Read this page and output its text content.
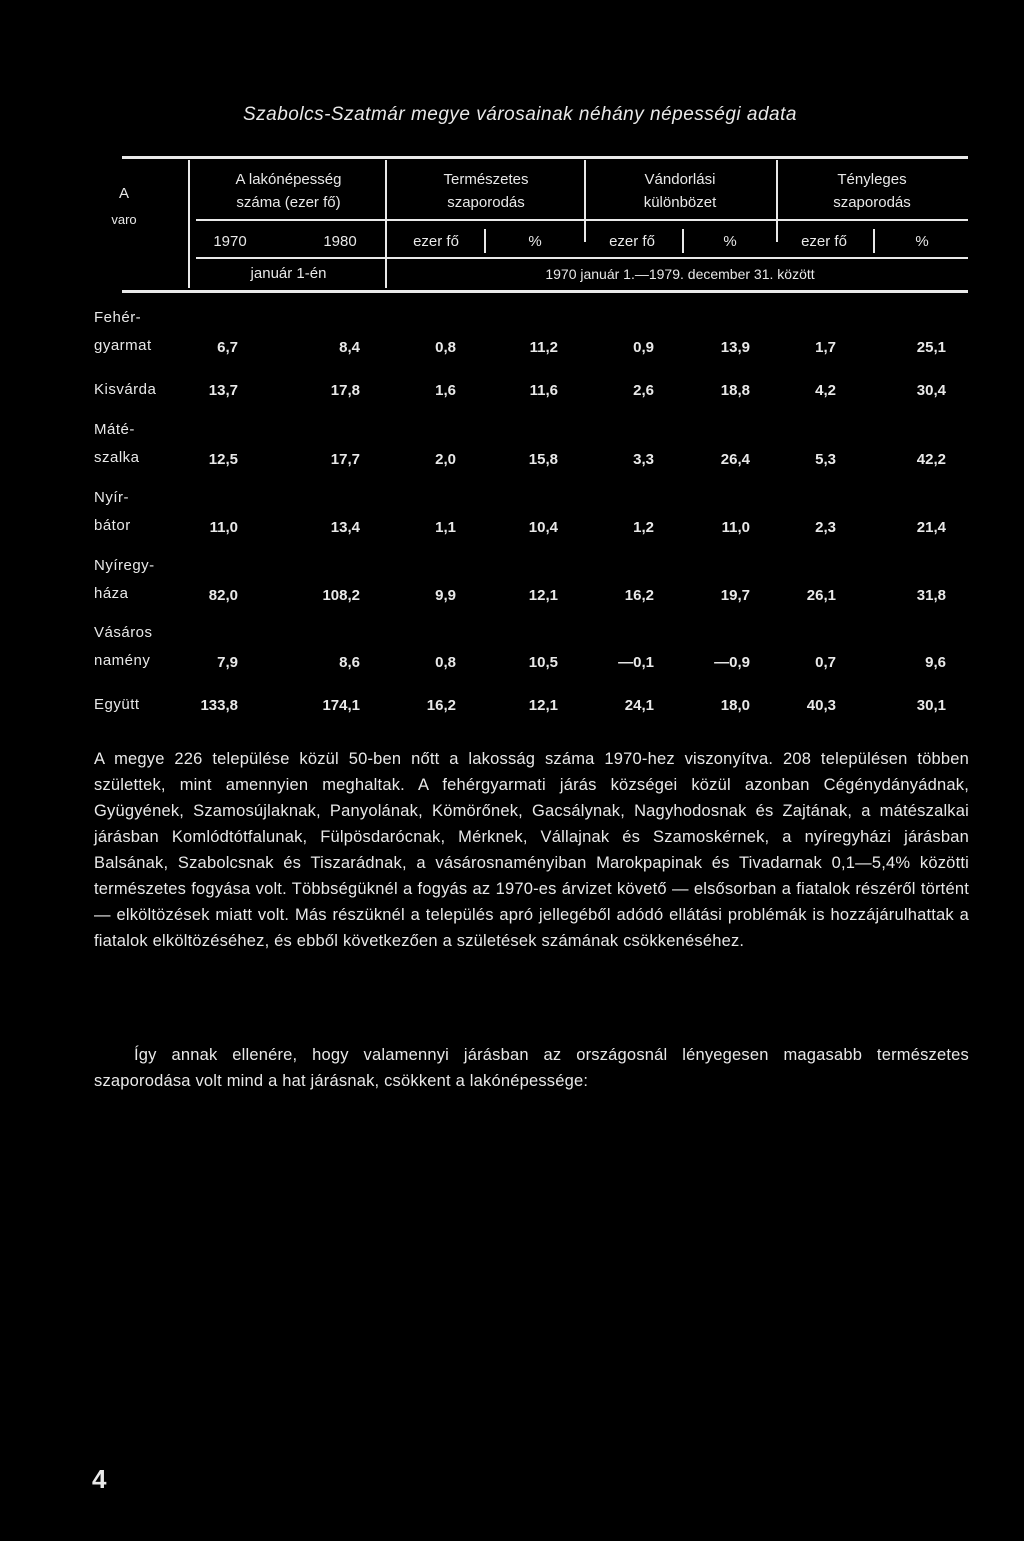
Szabolcs-Szatmár megye városainak néhány népességi adata
A
varo
A lakónépesség
száma (ezer fő)
Természetes
szaporodás
Vándorlási
különbözet
Tényleges
szaporodás
1970	1980	ezer fő	%	ezer fő	%	ezer fő	%
január 1-én	1970 január 1.—1979. december 31. között
Fehér-
gyarmat	6,7	8,4	0,8	11,2	0,9	13,9	1,7	25,1
Kisvárda	13,7	17,8	1,6	11,6	2,6	18,8	4,2	30,4
Máté-
szalka	12,5	17,7	2,0	15,8	3,3	26,4	5,3	42,2
Nyír-
bátor	11,0	13,4	1,1	10,4	1,2	11,0	2,3	21,4
Nyíregy-
háza	82,0	108,2	9,9	12,1	16,2	19,7	26,1	31,8
Vásáros
namény	7,9	8,6	0,8	10,5	—0,1	—0,9	0,7	9,6
Együtt	133,8	174,1	16,2	12,1	24,1	18,0	40,3	30,1
A megye 226 települése közül 50-ben nőtt a lakosság száma 1970-hez viszonyítva. 208 településen többen születtek, mint amennyien meghaltak. A fehérgyarmati járás községei közül azonban Cégénydányádnak, Gyügyének, Szamosújlaknak, Panyolának, Kömörőnek, Gacsálynak, Nagyhodosnak és Zajtának, a mátészalkai járásban Komlódtótfalunak, Fülpösdarócnak, Mérknek, Vállajnak és Szamoskérnek, a nyíregyházi járásban Balsának, Szabolcsnak és Tiszarádnak, a vásárosnaményiban Marokpapinak és Tivadarnak 0,1—5,4% közötti természetes fogyása volt. Többségüknél a fogyás az 1970-es árvizet követő — elsősorban a fiatalok részéről történt — elköltözések miatt volt. Más részüknél a település apró jellegéből adódó ellátási problémák is hozzájárulhattak a fiatalok elköltözéséhez, és ebből következően a születések számának csökkenéséhez.
Így annak ellenére, hogy valamennyi járásban az országosnál lényegesen magasabb természetes szaporodása volt mind a hat járásnak, csökkent a lakónépessége:
4
